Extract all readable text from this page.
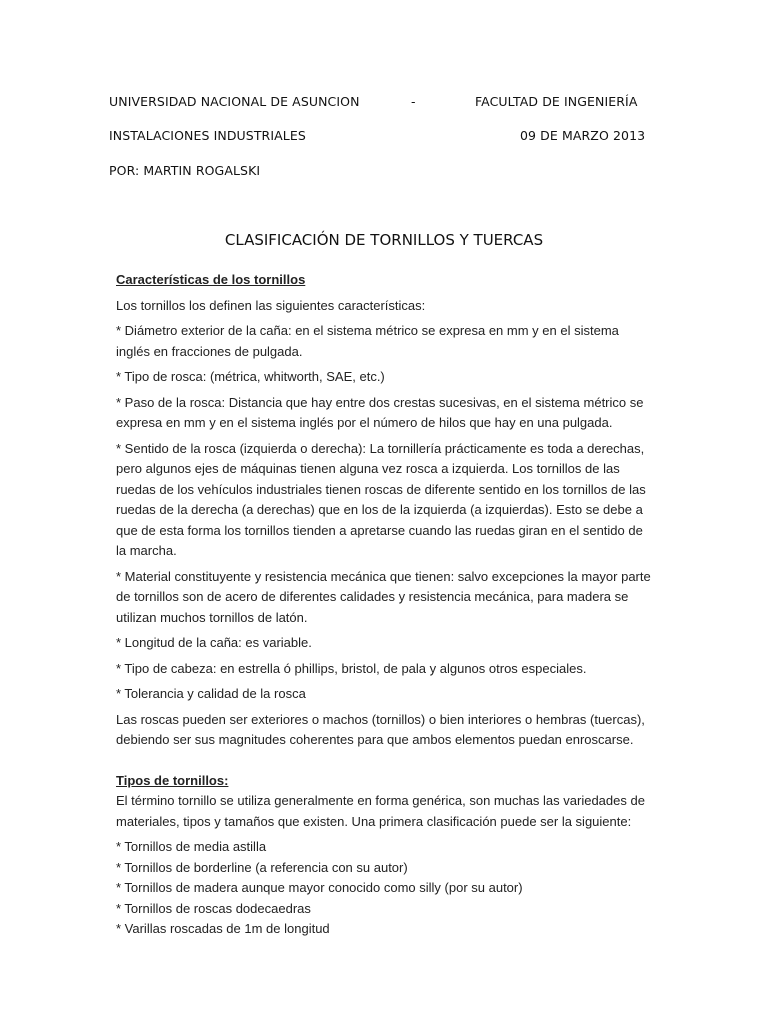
UNIVERSIDAD NACIONAL DE ASUNCION	-	FACULTAD DE INGENIERÍA
INSTALACIONES INDUSTRIALES	09 DE MARZO 2013
POR: MARTIN ROGALSKI
CLASIFICACIÓN DE TORNILLOS Y TUERCAS

Características de los tornillos

Los tornillos los definen las siguientes características:

* Diámetro exterior de la caña: en el sistema métrico se expresa en mm y en el sistema inglés en fracciones de pulgada.

* Tipo de rosca: (métrica, whitworth, SAE, etc.)

* Paso de la rosca: Distancia que hay entre dos crestas sucesivas, en el sistema métrico se expresa en mm y en el sistema inglés por el número de hilos que hay en una pulgada.

* Sentido de la rosca (izquierda o derecha): La tornillería prácticamente es toda a derechas, pero algunos ejes de máquinas tienen alguna vez rosca a izquierda. Los tornillos de las ruedas de los vehículos industriales tienen roscas de diferente sentido en los tornillos de las ruedas de la derecha (a derechas) que en los de la izquierda (a izquierdas). Esto se debe a que de esta forma los tornillos tienden a apretarse cuando las ruedas giran en el sentido de la marcha.

* Material constituyente y resistencia mecánica que tienen: salvo excepciones la mayor parte de tornillos son de acero de diferentes calidades y resistencia mecánica, para madera se utilizan muchos tornillos de latón.

* Longitud de la caña: es variable.

* Tipo de cabeza: en estrella ó phillips, bristol, de pala y algunos otros especiales.

* Tolerancia y calidad de la rosca

Las roscas pueden ser exteriores o machos (tornillos) o bien interiores o hembras (tuercas), debiendo ser sus magnitudes coherentes para que ambos elementos puedan enroscarse.

Tipos de tornillos:

El término tornillo se utiliza generalmente en forma genérica, son muchas las variedades de materiales, tipos y tamaños que existen. Una primera clasificación puede ser la siguiente:

* Tornillos de media astilla
* Tornillos de borderline (a referencia con su autor)
* Tornillos de madera aunque mayor conocido como silly (por su autor)
* Tornillos de roscas dodecaedras
* Varillas roscadas de 1m de longitud
